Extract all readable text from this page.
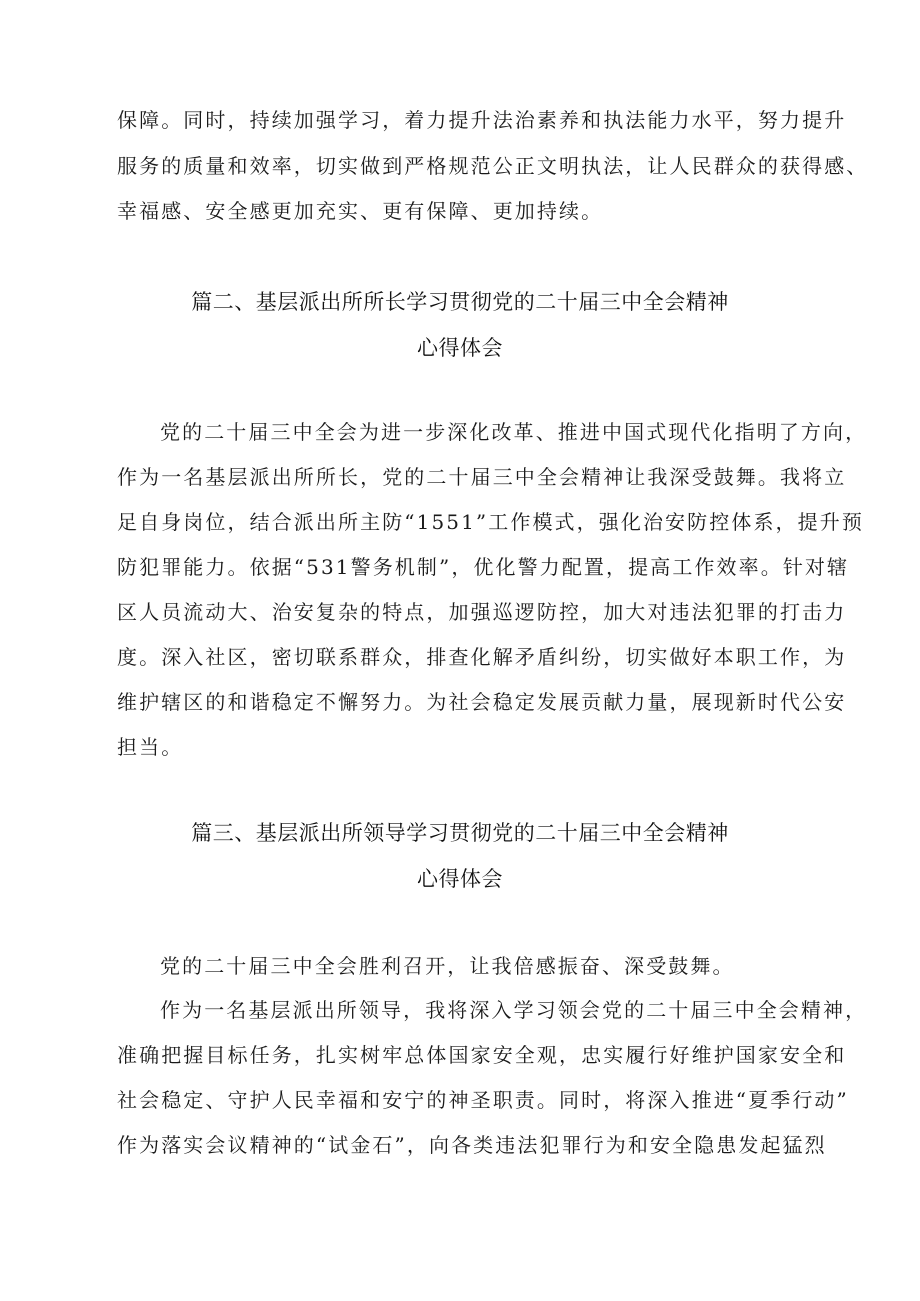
保障。同时，持续加强学习，着力提升法治素养和执法能力水平，努力提升
服务的质量和效率，切实做到严格规范公正文明执法，让人民群众的获得感、
幸福感、安全感更加充实、更有保障、更加持续。
篇二、基层派出所所长学习贯彻党的二十届三中全会精神
心得体会
党的二十届三中全会为进一步深化改革、推进中国式现代化指明了方向，
作为一名基层派出所所长，党的二十届三中全会精神让我深受鼓舞。我将立
足自身岗位，结合派出所主防“1551”工作模式，强化治安防控体系，提升预
防犯罪能力。依据“531警务机制”，优化警力配置，提高工作效率。针对辖
区人员流动大、治安复杂的特点，加强巡逻防控，加大对违法犯罪的打击力
度。深入社区，密切联系群众，排查化解矛盾纠纷，切实做好本职工作，为
维护辖区的和谐稳定不懈努力。为社会稳定发展贡献力量，展现新时代公安
担当。
篇三、基层派出所领导学习贯彻党的二十届三中全会精神
心得体会
党的二十届三中全会胜利召开，让我倍感振奋、深受鼓舞。
作为一名基层派出所领导，我将深入学习领会党的二十届三中全会精神，
准确把握目标任务，扎实树牢总体国家安全观，忠实履行好维护国家安全和
社会稳定、守护人民幸福和安宁的神圣职责。同时，将深入推进“夏季行动”
作为落实会议精神的“试金石”，向各类违法犯罪行为和安全隐患发起猛烈
